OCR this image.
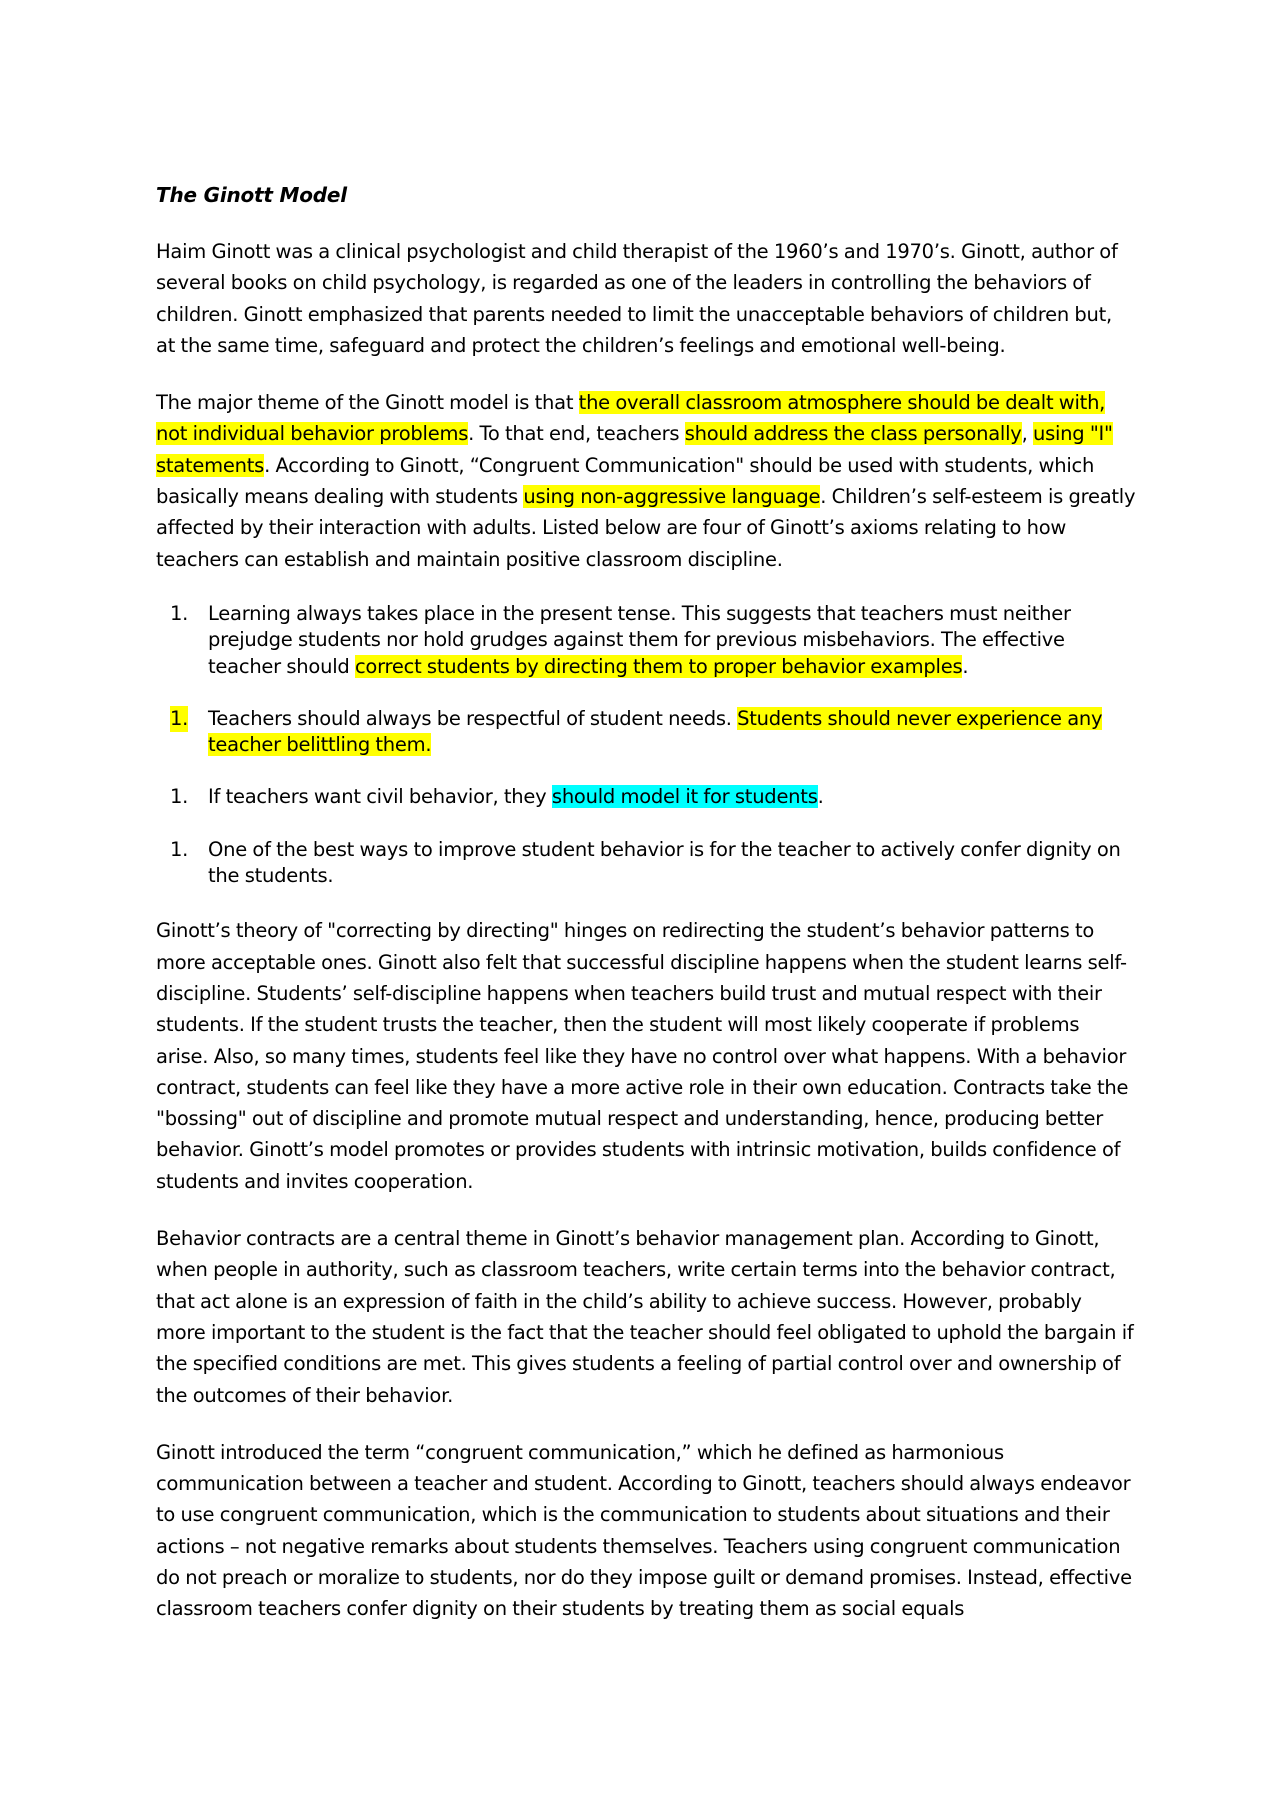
The Ginott Model

Haim Ginott was a clinical psychologist and child therapist of the 1960’s and 1970’s. Ginott, author of several books on child psychology, is regarded as one of the leaders in controlling the behaviors of children. Ginott emphasized that parents needed to limit the unacceptable behaviors of children but, at the same time, safeguard and protect the children’s feelings and emotional well-being.

The major theme of the Ginott model is that the overall classroom atmosphere should be dealt with, not individual behavior problems. To that end, teachers should address the class personally, using "I" statements. According to Ginott, “Congruent Communication" should be used with students, which basically means dealing with students using non-aggressive language. Children’s self-esteem is greatly affected by their interaction with adults. Listed below are four of Ginott’s axioms relating to how teachers can establish and maintain positive classroom discipline.

1. Learning always takes place in the present tense. This suggests that teachers must neither prejudge students nor hold grudges against them for previous misbehaviors. The effective teacher should correct students by directing them to proper behavior examples.
1. Teachers should always be respectful of student needs. Students should never experience any teacher belittling them.
1. If teachers want civil behavior, they should model it for students.
1. One of the best ways to improve student behavior is for the teacher to actively confer dignity on the students.

Ginott’s theory of "correcting by directing" hinges on redirecting the student’s behavior patterns to more acceptable ones. Ginott also felt that successful discipline happens when the student learns self-discipline. Students’ self-discipline happens when teachers build trust and mutual respect with their students. If the student trusts the teacher, then the student will most likely cooperate if problems arise. Also, so many times, students feel like they have no control over what happens. With a behavior contract, students can feel like they have a more active role in their own education. Contracts take the "bossing" out of discipline and promote mutual respect and understanding, hence, producing better behavior. Ginott’s model promotes or provides students with intrinsic motivation, builds confidence of students and invites cooperation.

Behavior contracts are a central theme in Ginott’s behavior management plan. According to Ginott, when people in authority, such as classroom teachers, write certain terms into the behavior contract, that act alone is an expression of faith in the child’s ability to achieve success. However, probably more important to the student is the fact that the teacher should feel obligated to uphold the bargain if the specified conditions are met. This gives students a feeling of partial control over and ownership of the outcomes of their behavior.

Ginott introduced the term “congruent communication,” which he defined as harmonious communication between a teacher and student. According to Ginott, teachers should always endeavor to use congruent communication, which is the communication to students about situations and their actions – not negative remarks about students themselves. Teachers using congruent communication do not preach or moralize to students, nor do they impose guilt or demand promises. Instead, effective classroom teachers confer dignity on their students by treating them as social equals
